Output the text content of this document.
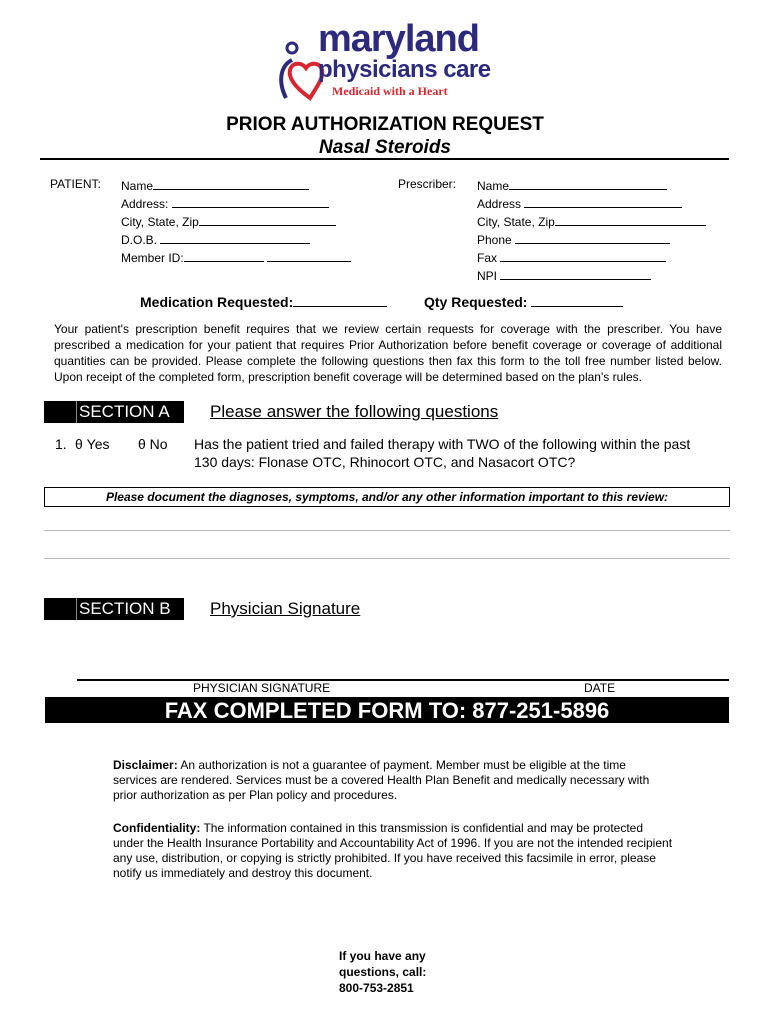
maryland
physicians care
Medicaid with a Heart
PRIOR AUTHORIZATION REQUEST
Nasal Steroids
PATIENT: Name
Address:
City, State, Zip
D.O.B.
Member ID:
Prescriber: Name
Address
City, State, Zip
Phone
Fax
NPI
Medication Requested:	Qty Requested:
Your patient's prescription benefit requires that we review certain requests for coverage with the prescriber. You have prescribed a medication for your patient that requires Prior Authorization before benefit coverage or coverage of additional quantities can be provided. Please complete the following questions then fax this form to the toll free number listed below. Upon receipt of the completed form, prescription benefit coverage will be determined based on the plan's rules.
SECTION A Please answer the following questions
1. θ Yes θ No Has the patient tried and failed therapy with TWO of the following within the past 130 days: Flonase OTC, Rhinocort OTC, and Nasacort OTC?
Please document the diagnoses, symptoms, and/or any other information important to this review:
SECTION B Physician Signature
PHYSICIAN SIGNATURE	DATE
FAX COMPLETED FORM TO: 877-251-5896
Disclaimer: An authorization is not a guarantee of payment. Member must be eligible at the time services are rendered. Services must be a covered Health Plan Benefit and medically necessary with prior authorization as per Plan policy and procedures.
Confidentiality: The information contained in this transmission is confidential and may be protected under the Health Insurance Portability and Accountability Act of 1996. If you are not the intended recipient any use, distribution, or copying is strictly prohibited. If you have received this facsimile in error, please notify us immediately and destroy this document.
If you have any
questions, call:
800-753-2851
